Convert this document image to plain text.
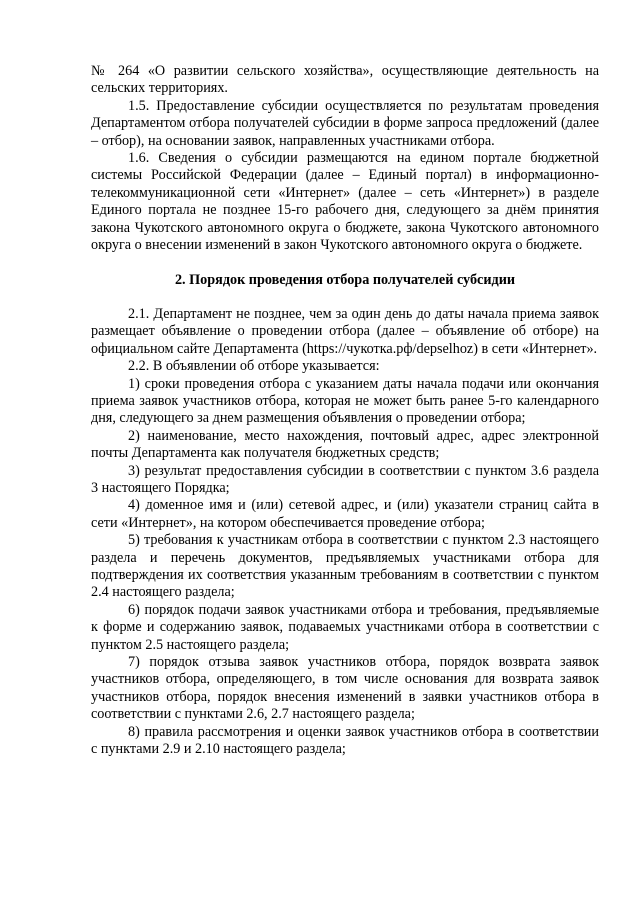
№ 264 «О развитии сельского хозяйства», осуществляющие деятельность на сельских территориях.

1.5. Предоставление субсидии осуществляется по результатам проведения Департаментом отбора получателей субсидии в форме запроса предложений (далее – отбор), на основании заявок, направленных участниками отбора.

1.6. Сведения о субсидии размещаются на едином портале бюджетной системы Российской Федерации (далее – Единый портал) в информационно-телекоммуникационной сети «Интернет» (далее – сеть «Интернет») в разделе Единого портала не позднее 15-го рабочего дня, следующего за днём принятия закона Чукотского автономного округа о бюджете, закона Чукотского автономного округа о внесении изменений в закон Чукотского автономного округа о бюджете.

2. Порядок проведения отбора получателей субсидии

2.1. Департамент не позднее, чем за один день до даты начала приема заявок размещает объявление о проведении отбора (далее – объявление об отборе) на официальном сайте Департамента (https://чукотка.рф/depselhoz) в сети «Интернет».

2.2. В объявлении об отборе указывается:

1) сроки проведения отбора с указанием даты начала подачи или окончания приема заявок участников отбора, которая не может быть ранее 5-го календарного дня, следующего за днем размещения объявления о проведении отбора;

2) наименование, место нахождения, почтовый адрес, адрес электронной почты Департамента как получателя бюджетных средств;

3) результат предоставления субсидии в соответствии с пунктом 3.6 раздела 3 настоящего Порядка;

4) доменное имя и (или) сетевой адрес, и (или) указатели страниц сайта в сети «Интернет», на котором обеспечивается проведение отбора;

5) требования к участникам отбора в соответствии с пунктом 2.3 настоящего раздела и перечень документов, предъявляемых участниками отбора для подтверждения их соответствия указанным требованиям в соответствии с пунктом 2.4 настоящего раздела;

6) порядок подачи заявок участниками отбора и требования, предъявляемые к форме и содержанию заявок, подаваемых участниками отбора в соответствии с пунктом 2.5 настоящего раздела;

7) порядок отзыва заявок участников отбора, порядок возврата заявок участников отбора, определяющего, в том числе основания для возврата заявок участников отбора, порядок внесения изменений в заявки участников отбора в соответствии с пунктами 2.6, 2.7 настоящего раздела;

8) правила рассмотрения и оценки заявок участников отбора в соответствии с пунктами 2.9 и 2.10 настоящего раздела;
